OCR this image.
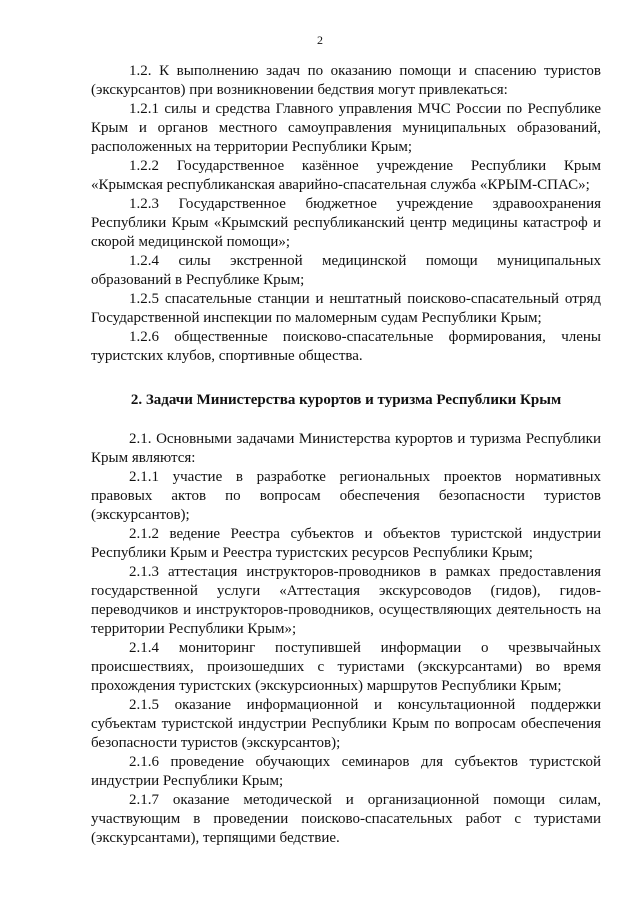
2

1.2. К выполнению задач по оказанию помощи и спасению туристов (экскурсантов) при возникновении бедствия могут привлекаться:

1.2.1 силы и средства Главного управления МЧС России по Республике Крым и органов местного самоуправления муниципальных образований, расположенных на территории Республики Крым;

1.2.2 Государственное казённое учреждение Республики Крым «Крымская республиканская аварийно-спасательная служба «КРЫМ-СПАС»;

1.2.3 Государственное бюджетное учреждение здравоохранения Республики Крым «Крымский республиканский центр медицины катастроф и скорой медицинской помощи»;

1.2.4 силы экстренной медицинской помощи муниципальных образований в Республике Крым;

1.2.5 спасательные станции и нештатный поисково-спасательный отряд Государственной инспекции по маломерным судам Республики Крым;

1.2.6 общественные поисково-спасательные формирования, члены туристских клубов, спортивные общества.

2. Задачи Министерства курортов и туризма Республики Крым

2.1. Основными задачами Министерства курортов и туризма Республики Крым являются:

2.1.1 участие в разработке региональных проектов нормативных правовых актов по вопросам обеспечения безопасности туристов (экскурсантов);

2.1.2 ведение Реестра субъектов и объектов туристской индустрии Республики Крым и Реестра туристских ресурсов Республики Крым;

2.1.3 аттестация инструкторов-проводников в рамках предоставления государственной услуги «Аттестация экскурсоводов (гидов), гидов-переводчиков и инструкторов-проводников, осуществляющих деятельность на территории Республики Крым»;

2.1.4 мониторинг поступившей информации о чрезвычайных происшествиях, произошедших с туристами (экскурсантами) во время прохождения туристских (экскурсионных) маршрутов Республики Крым;

2.1.5 оказание информационной и консультационной поддержки субъектам туристской индустрии Республики Крым по вопросам обеспечения безопасности туристов (экскурсантов);

2.1.6 проведение обучающих семинаров для субъектов туристской индустрии Республики Крым;

2.1.7 оказание методической и организационной помощи силам, участвующим в проведении поисково-спасательных работ с туристами (экскурсантами), терпящими бедствие.
